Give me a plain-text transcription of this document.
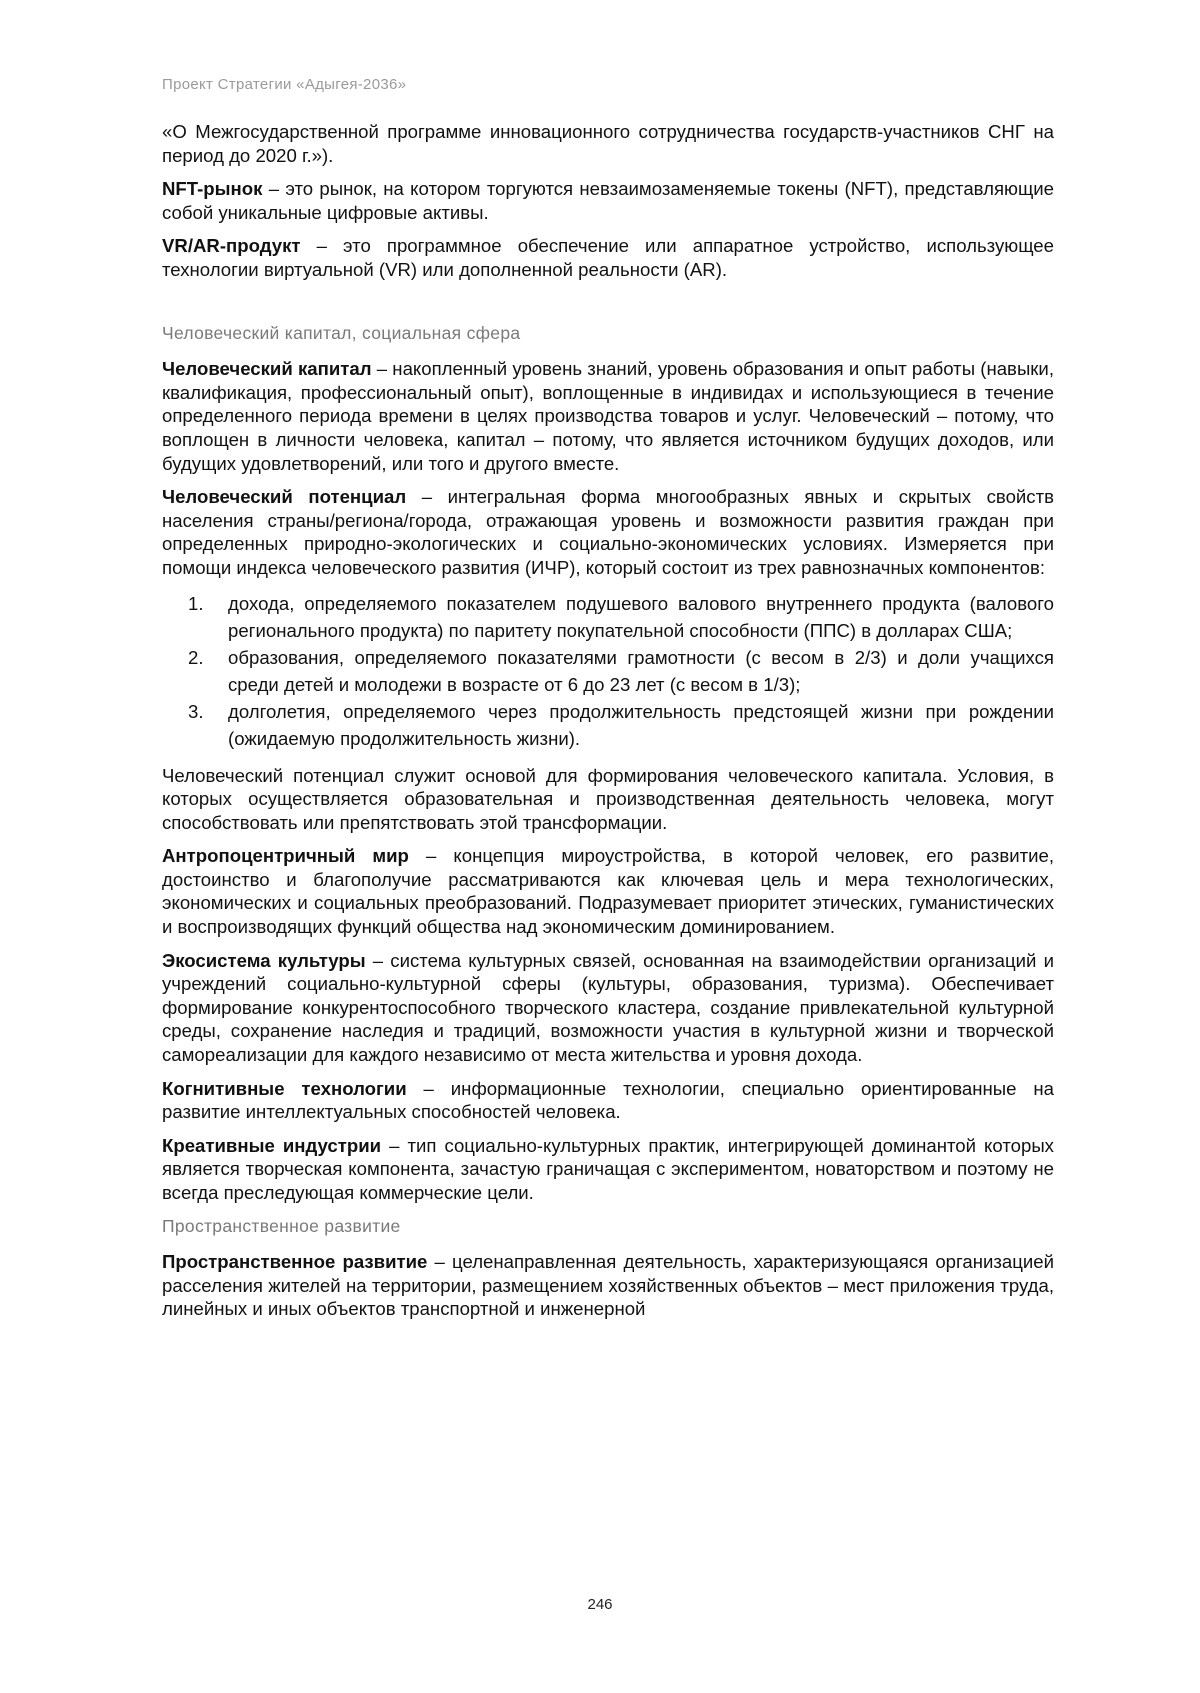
Проект Стратегии «Адыгея-2036»

«О Межгосударственной программе инновационного сотрудничества государств-участников СНГ на период до 2020 г.»).

NFT-рынок – это рынок, на котором торгуются невзаимозаменяемые токены (NFT), представляющие собой уникальные цифровые активы.

VR/AR-продукт – это программное обеспечение или аппаратное устройство, использующее технологии виртуальной (VR) или дополненной реальности (AR).

Человеческий капитал, социальная сфера

Человеческий капитал – накопленный уровень знаний, уровень образования и опыт работы (навыки, квалификация, профессиональный опыт), воплощенные в индивидах и использующиеся в течение определенного периода времени в целях производства товаров и услуг. Человеческий – потому, что воплощен в личности человека, капитал – потому, что является источником будущих доходов, или будущих удовлетворений, или того и другого вместе.

Человеческий потенциал – интегральная форма многообразных явных и скрытых свойств населения страны/региона/города, отражающая уровень и возможности развития граждан при определенных природно-экологических и социально-экономических условиях. Измеряется при помощи индекса человеческого развития (ИЧР), который состоит из трех равнозначных компонентов:

1. дохода, определяемого показателем подушевого валового внутреннего продукта (валового регионального продукта) по паритету покупательной способности (ППС) в долларах США;
2. образования, определяемого показателями грамотности (с весом в 2/3) и доли учащихся среди детей и молодежи в возрасте от 6 до 23 лет (с весом в 1/3);
3. долголетия, определяемого через продолжительность предстоящей жизни при рождении (ожидаемую продолжительность жизни).

Человеческий потенциал служит основой для формирования человеческого капитала. Условия, в которых осуществляется образовательная и производственная деятельность человека, могут способствовать или препятствовать этой трансформации.

Антропоцентричный мир – концепция мироустройства, в которой человек, его развитие, достоинство и благополучие рассматриваются как ключевая цель и мера технологических, экономических и социальных преобразований. Подразумевает приоритет этических, гуманистических и воспроизводящих функций общества над экономическим доминированием.

Экосистема культуры – система культурных связей, основанная на взаимодействии организаций и учреждений социально-культурной сферы (культуры, образования, туризма). Обеспечивает формирование конкурентоспособного творческого кластера, создание привлекательной культурной среды, сохранение наследия и традиций, возможности участия в культурной жизни и творческой самореализации для каждого независимо от места жительства и уровня дохода.

Когнитивные технологии – информационные технологии, специально ориентированные на развитие интеллектуальных способностей человека.

Креативные индустрии – тип социально-культурных практик, интегрирующей доминантой которых является творческая компонента, зачастую граничащая с экспериментом, новаторством и поэтому не всегда преследующая коммерческие цели.

Пространственное развитие

Пространственное развитие – целенаправленная деятельность, характеризующаяся организацией расселения жителей на территории, размещением хозяйственных объектов – мест приложения труда, линейных и иных объектов транспортной и инженерной

246
